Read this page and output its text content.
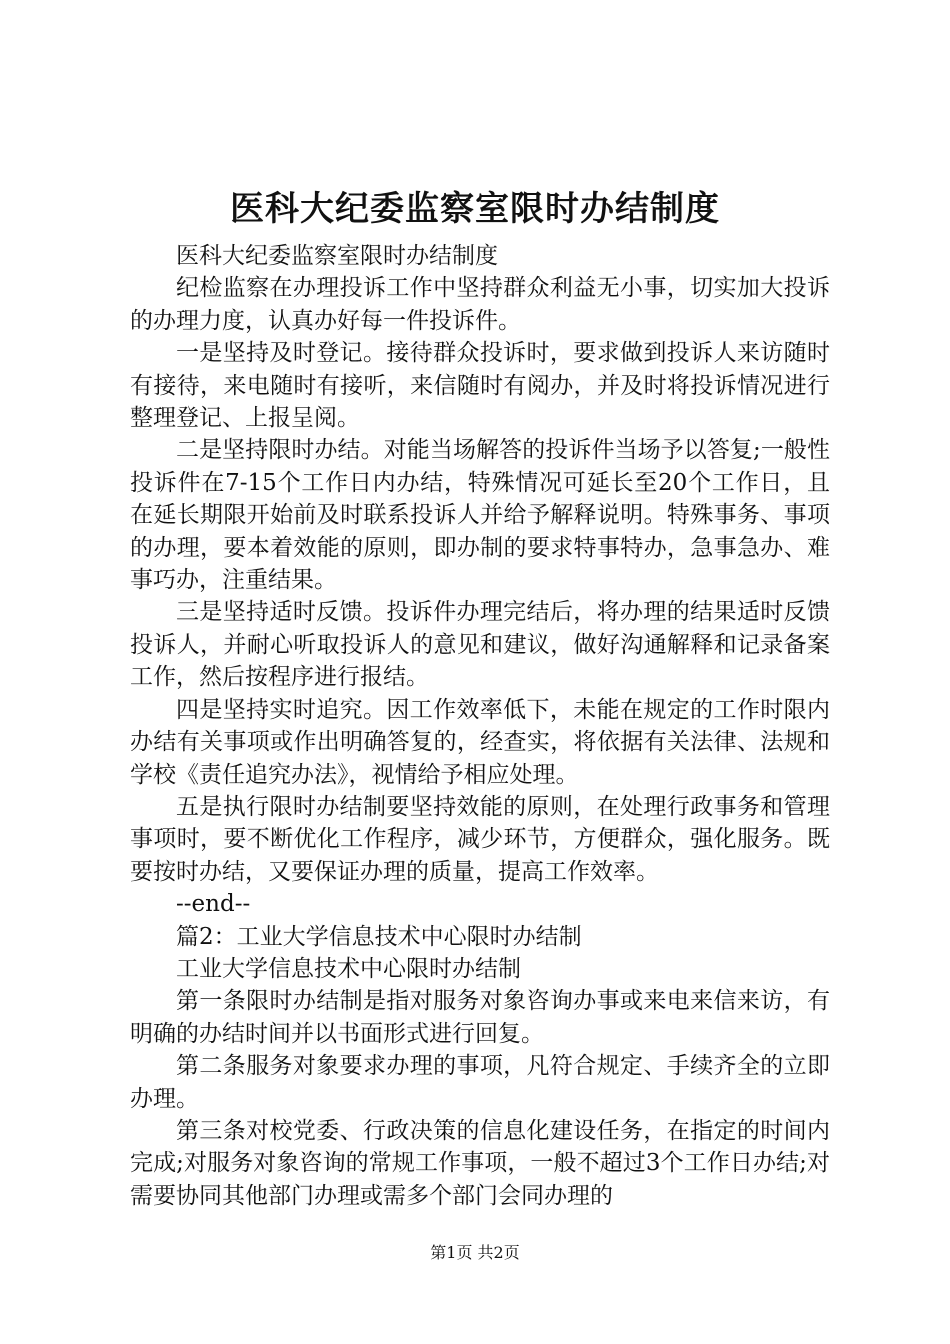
医科大纪委监察室限时办结制度

医科大纪委监察室限时办结制度

纪检监察在办理投诉工作中坚持群众利益无小事，切实加大投诉的办理力度，认真办好每一件投诉件。

一是坚持及时登记。接待群众投诉时，要求做到投诉人来访随时有接待，来电随时有接听，来信随时有阅办，并及时将投诉情况进行整理登记、上报呈阅。

二是坚持限时办结。对能当场解答的投诉件当场予以答复;一般性投诉件在7-15个工作日内办结，特殊情况可延长至20个工作日，且在延长期限开始前及时联系投诉人并给予解释说明。特殊事务、事项的办理，要本着效能的原则，即办制的要求特事特办，急事急办、难事巧办，注重结果。

三是坚持适时反馈。投诉件办理完结后，将办理的结果适时反馈投诉人，并耐心听取投诉人的意见和建议，做好沟通解释和记录备案工作，然后按程序进行报结。

四是坚持实时追究。因工作效率低下，未能在规定的工作时限内办结有关事项或作出明确答复的，经查实，将依据有关法律、法规和学校《责任追究办法》，视情给予相应处理。

五是执行限时办结制要坚持效能的原则，在处理行政事务和管理事项时，要不断优化工作程序，减少环节，方便群众，强化服务。既要按时办结，又要保证办理的质量，提高工作效率。

--end--

篇2：工业大学信息技术中心限时办结制

工业大学信息技术中心限时办结制

第一条限时办结制是指对服务对象咨询办事或来电来信来访，有明确的办结时间并以书面形式进行回复。

第二条服务对象要求办理的事项，凡符合规定、手续齐全的立即办理。

第三条对校党委、行政决策的信息化建设任务，在指定的时间内完成;对服务对象咨询的常规工作事项，一般不超过3个工作日办结;对需要协同其他部门办理或需多个部门会同办理的

第1页 共2页
